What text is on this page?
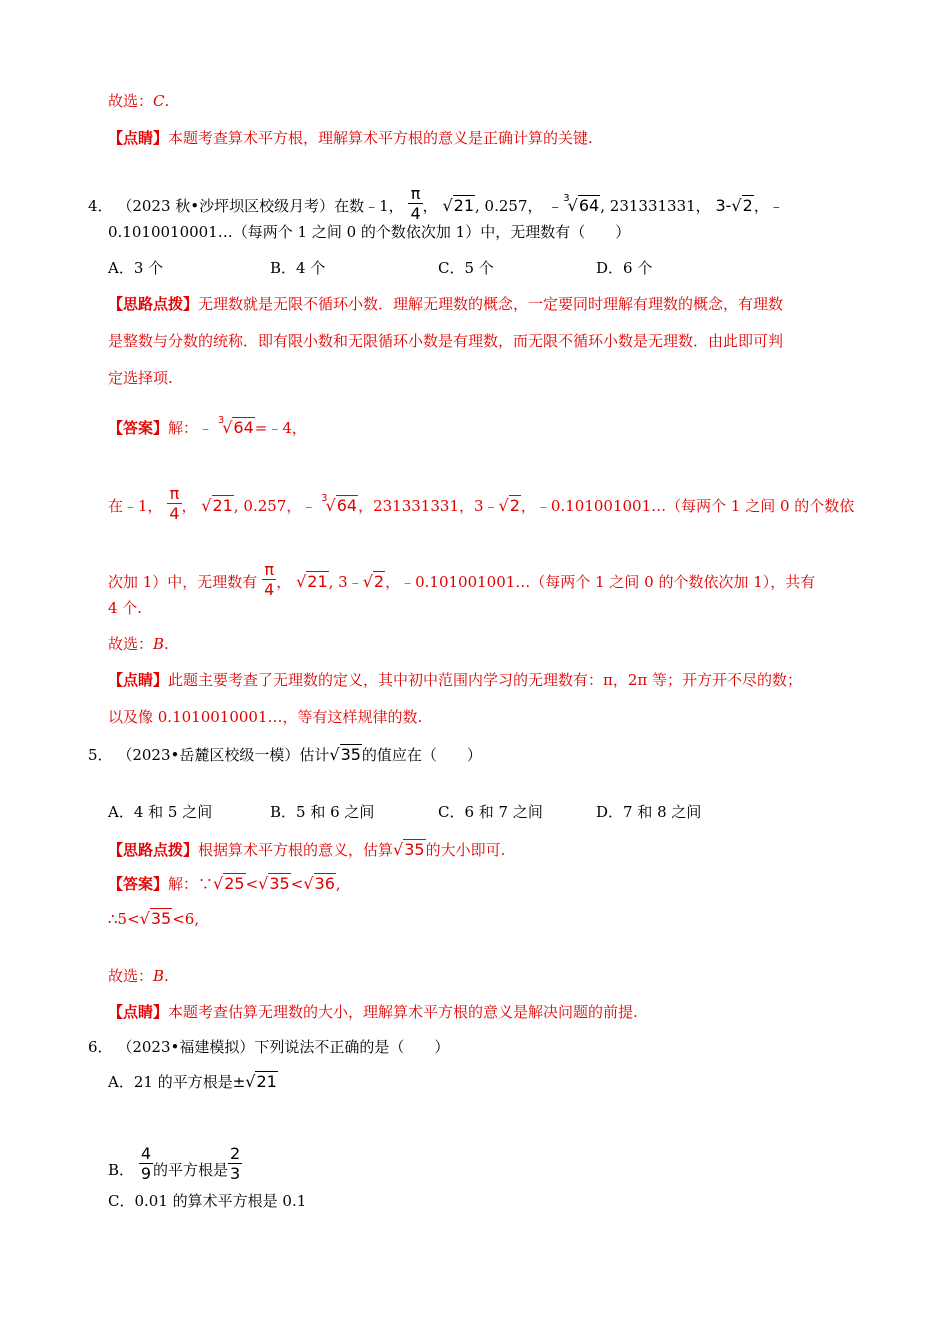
故选：C.
【点睛】本题考查算术平方根，理解算术平方根的意义是正确计算的关键.
4． （2023 秋•沙坪坝区校级月考）在数﹣1， $\frac{\pi}{4}$ ， √21, 0.257， ﹣$^3$√64, 231331331， 3-√2，﹣
0.1010010001…（每两个 1 之间 0 的个数依次加 1）中，无理数有（　　）
A．3 个	B．4 个	C．5 个	D．6 个
【思路点拨】无理数就是无限不循环小数．理解无理数的概念，一定要同时理解有理数的概念，有理数
是整数与分数的统称．即有限小数和无限循环小数是有理数，而无限不循环小数是无理数．由此即可判
定选择项.
【答案】解：﹣ $^3$√64=﹣4，
在﹣1， $\frac{\pi}{4}$ ， √21, 0.257，﹣ $^3$√64，231331331，3﹣√2，﹣0.101001001…（每两个 1 之间 0 的个数依
次加 1）中，无理数有 $\frac{\pi}{4}$ ， √21, 3﹣√2，﹣0.101001001…（每两个 1 之间 0 的个数依次加 1），共有
4 个.
故选：B.
【点睛】此题主要考查了无理数的定义，其中初中范围内学习的无理数有：π，2π 等；开方开不尽的数；
以及像 0.1010010001…，等有这样规律的数.
5． （2023•岳麓区校级一模）估计√35的值应在（　　）
A．4 和 5 之间	B．5 和 6 之间	C．6 和 7 之间	D．7 和 8 之间
【思路点拨】根据算术平方根的意义，估算√35的大小即可.
【答案】解：∵√25<√35<√36,
∴5<√35<6,
故选：B.
【点睛】本题考查估算无理数的大小，理解算术平方根的意义是解决问题的前提.
6． （2023•福建模拟）下列说法不正确的是（　　）
A．21 的平方根是±√21
B． $\frac{4}{9}$ 的平方根是 $\frac{2}{3}$
C．0.01 的算术平方根是 0.1
